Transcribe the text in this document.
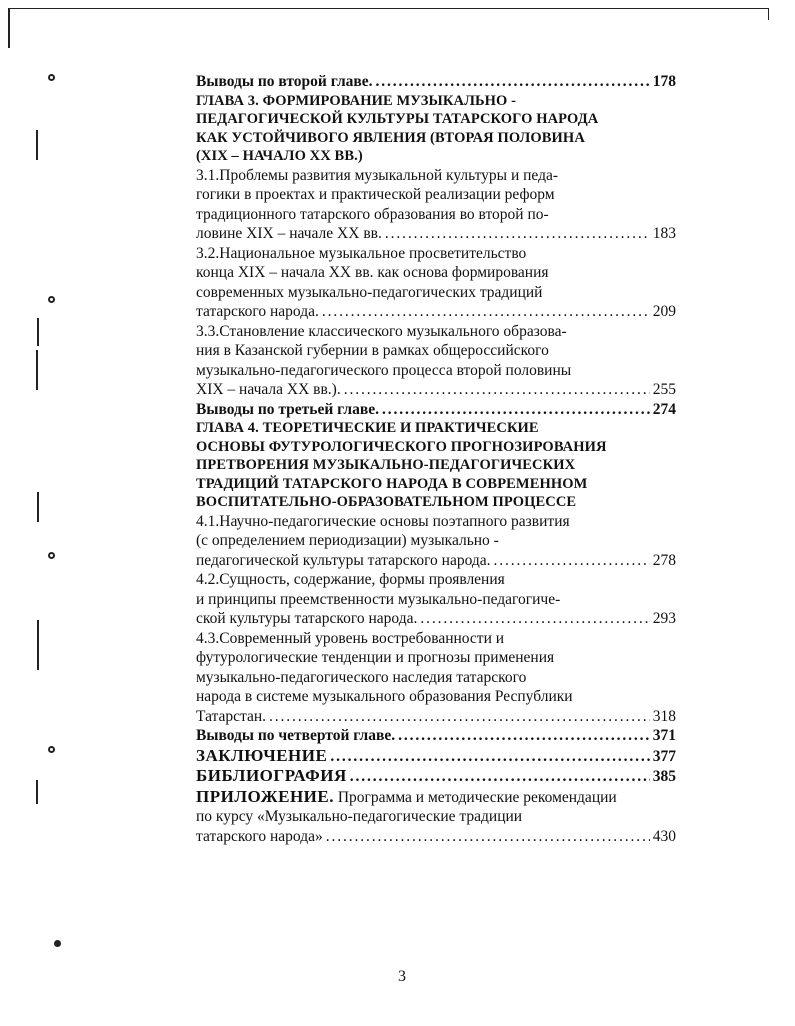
Выводы по второй главе. . . .	178
ГЛАВА 3. ФОРМИРОВАНИЕ МУЗЫКАЛЬНО -
ПЕДАГОГИЧЕСКОЙ КУЛЬТУРЫ ТАТАРСКОГО НАРОДА
КАК УСТОЙЧИВОГО ЯВЛЕНИЯ (ВТОРАЯ ПОЛОВИНА
(XIX – НАЧАЛО XX ВВ.)
3.1.Проблемы развития музыкальной культуры и педа-
гогики в проектах и практической реализации реформ
традиционного татарского образования во второй по-
ловине XIX – начале XX вв. . . .	183
3.2.Национальное музыкальное просветительство
конца XIX – начала XX вв. как основа формирования
современных музыкально-педагогических традиций
татарского народа. . . .	209
3.3.Становление классического музыкального образова-
ния в Казанской губернии в рамках общероссийского
музыкально-педагогического процесса второй половины
XIX – начала XX вв.). . . .	255
Выводы по третьей главе. . . .	274
ГЛАВА 4. ТЕОРЕТИЧЕСКИЕ И ПРАКТИЧЕСКИЕ
ОСНОВЫ ФУТУРОЛОГИЧЕСКОГО ПРОГНОЗИРОВАНИЯ
ПРЕТВОРЕНИЯ МУЗЫКАЛЬНО-ПЕДАГОГИЧЕСКИХ
ТРАДИЦИЙ ТАТАРСКОГО НАРОДА В СОВРЕМЕННОМ
ВОСПИТАТЕЛЬНО-ОБРАЗОВАТЕЛЬНОМ ПРОЦЕССЕ
4.1.Научно-педагогические основы поэтапного развития
(с определением периодизации) музыкально -
педагогической культуры татарского народа. . . .	278
4.2.Сущность, содержание, формы проявления
и принципы преемственности музыкально-педагогиче-
ской культуры татарского народа. . . .	293
4.3.Современный уровень востребованности и
футурологические тенденции и прогнозы применения
музыкально-педагогического наследия татарского
народа в системе музыкального образования Республики
Татарстан. . . .	318
Выводы по четвертой главе. . . .	371
ЗАКЛЮЧЕНИЕ . . .	377
БИБЛИОГРАФИЯ . . .	385
ПРИЛОЖЕНИЕ. Программа и методические рекомендации
по курсу «Музыкально-педагогические традиции
татарского народа» . . .	430
3
